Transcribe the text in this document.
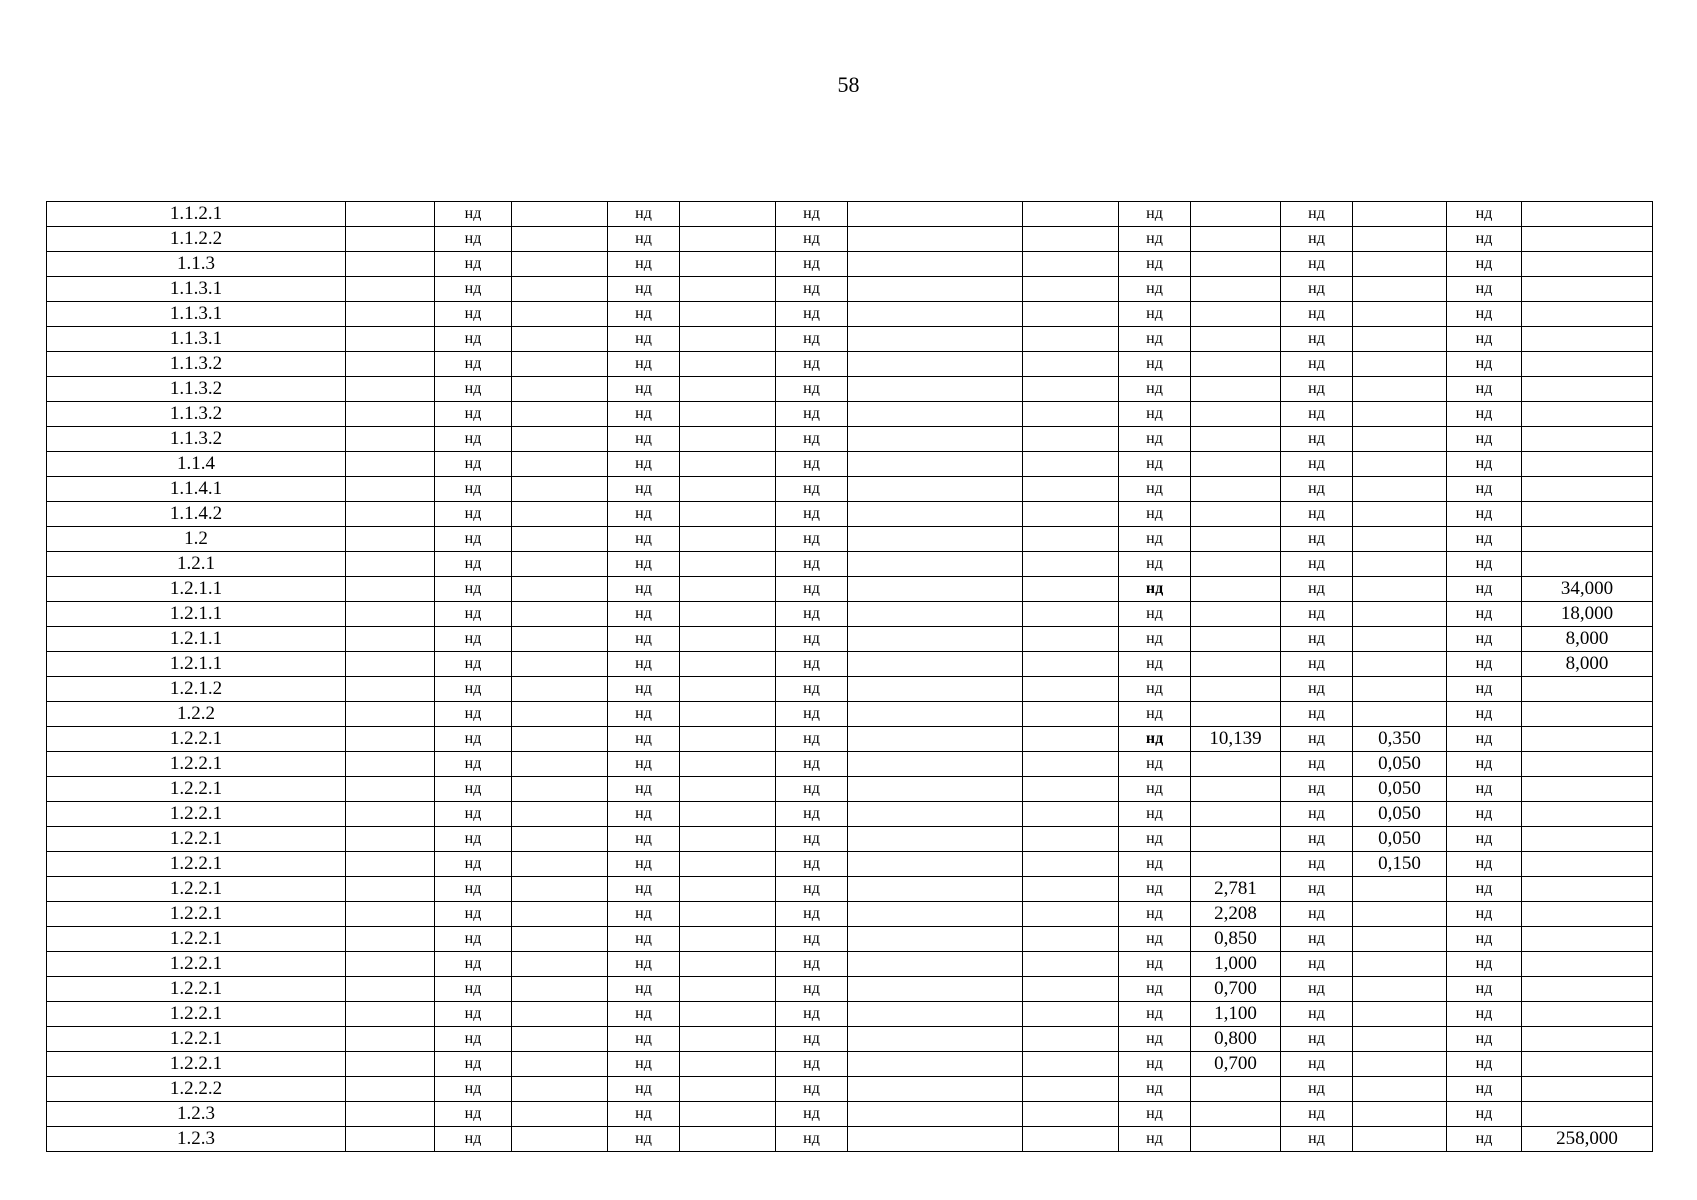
58
1.1.2.1		нд		нд		нд			нд		нд		нд	
1.1.2.2		нд		нд		нд			нд		нд		нд	
1.1.3		нд		нд		нд			нд		нд		нд	
1.1.3.1		нд		нд		нд			нд		нд		нд	
1.1.3.1		нд		нд		нд			нд		нд		нд	
1.1.3.1		нд		нд		нд			нд		нд		нд	
1.1.3.2		нд		нд		нд			нд		нд		нд	
1.1.3.2		нд		нд		нд			нд		нд		нд	
1.1.3.2		нд		нд		нд			нд		нд		нд	
1.1.3.2		нд		нд		нд			нд		нд		нд	
1.1.4		нд		нд		нд			нд		нд		нд	
1.1.4.1		нд		нд		нд			нд		нд		нд	
1.1.4.2		нд		нд		нд			нд		нд		нд	
1.2		нд		нд		нд			нд		нд		нд	
1.2.1		нд		нд		нд			нд		нд		нд	
1.2.1.1		нд		нд		нд			нд		нд		нд	34,000
1.2.1.1		нд		нд		нд			нд		нд		нд	18,000
1.2.1.1		нд		нд		нд			нд		нд		нд	8,000
1.2.1.1		нд		нд		нд			нд		нд		нд	8,000
1.2.1.2		нд		нд		нд			нд		нд		нд	
1.2.2		нд		нд		нд			нд		нд		нд	
1.2.2.1		нд		нд		нд			нд	10,139	нд	0,350	нд	
1.2.2.1		нд		нд		нд			нд		нд	0,050	нд	
1.2.2.1		нд		нд		нд			нд		нд	0,050	нд	
1.2.2.1		нд		нд		нд			нд		нд	0,050	нд	
1.2.2.1		нд		нд		нд			нд		нд	0,050	нд	
1.2.2.1		нд		нд		нд			нд		нд	0,150	нд	
1.2.2.1		нд		нд		нд			нд	2,781	нд		нд	
1.2.2.1		нд		нд		нд			нд	2,208	нд		нд	
1.2.2.1		нд		нд		нд			нд	0,850	нд		нд	
1.2.2.1		нд		нд		нд			нд	1,000	нд		нд	
1.2.2.1		нд		нд		нд			нд	0,700	нд		нд	
1.2.2.1		нд		нд		нд			нд	1,100	нд		нд	
1.2.2.1		нд		нд		нд			нд	0,800	нд		нд	
1.2.2.1		нд		нд		нд			нд	0,700	нд		нд	
1.2.2.2		нд		нд		нд			нд		нд		нд	
1.2.3		нд		нд		нд			нд		нд		нд	
1.2.3		нд		нд		нд			нд		нд		нд	258,000
